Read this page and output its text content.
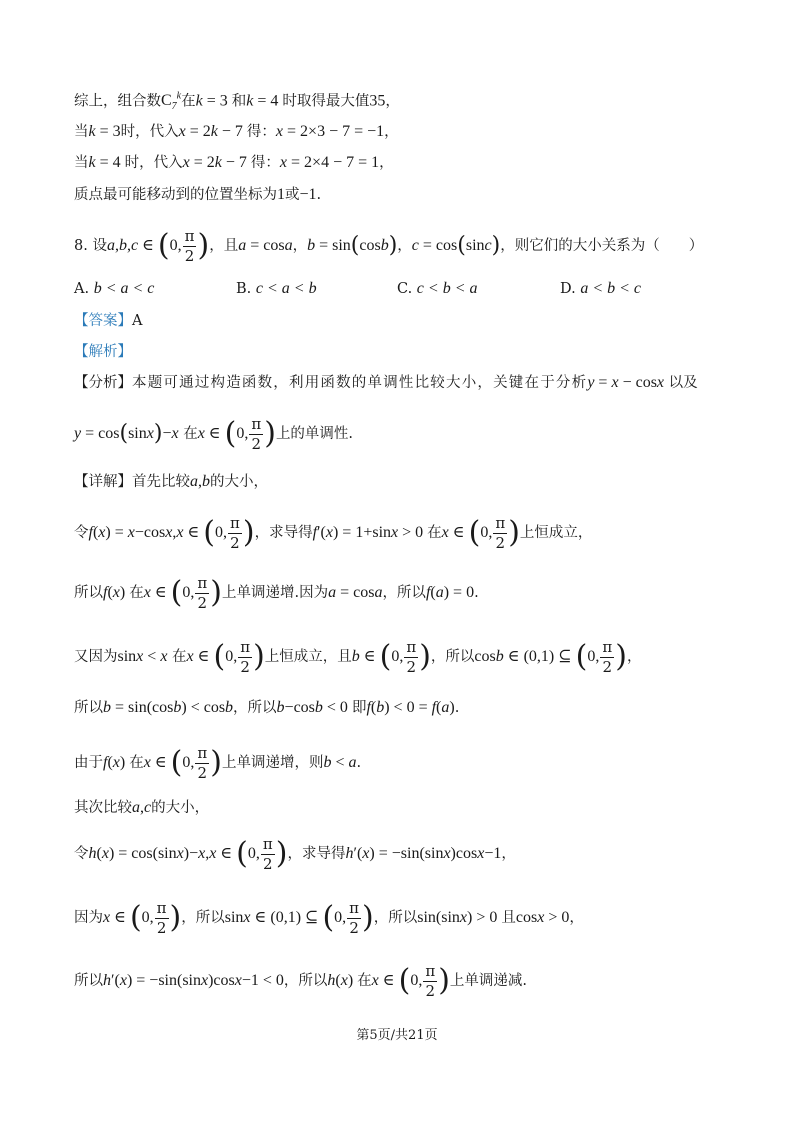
综上，组合数$C_7^k$在k = 3 和k = 4 时取得最大值35，
当k = 3时，代入x = 2k − 7 得：x = 2×3 − 7 = −1，
当k = 4 时，代入x = 2k − 7 得：x = 2×4 − 7 = 1，
质点最可能移动到的位置坐标为1或−1.
8. 设a,b,c ∈ (0, $\frac{\pi}{2}$ )，且a = cosa，b = sin(cosb)，c = cos(sinc)，则它们的大小关系为（　　）
A. b < a < c	B. c < a < b	C. c < b < a	D. a < b < c
【答案】A
【解析】
【分析】本题可通过构造函数，利用函数的单调性比较大小，关键在于分析y = x − cosx 以及
y = cos(sinx)−x 在x ∈ (0, $\frac{\pi}{2}$ )上的单调性.
【详解】首先比较a,b的大小，
令f(x) = x−cosx,x ∈ (0, $\frac{\pi}{2}$ )，求导得f′(x) = 1+sinx > 0 在x ∈ (0, $\frac{\pi}{2}$ )上恒成立，
所以f(x) 在x ∈ (0, $\frac{\pi}{2}$ )上单调递增.因为a = cosa，所以f(a) = 0.
又因为sinx < x 在x ∈ (0, $\frac{\pi}{2}$ )上恒成立，且b ∈ (0, $\frac{\pi}{2}$ )，所以cosb ∈ (0,1) ⊆ (0, $\frac{\pi}{2}$ )，
所以b = sin(cosb) < cosb，所以b−cosb < 0 即f(b) < 0 = f(a).
由于f(x) 在x ∈ (0, $\frac{\pi}{2}$ )上单调递增，则b < a.
其次比较a,c的大小，
令h(x) = cos(sinx)−x,x ∈ (0, $\frac{\pi}{2}$ )，求导得h′(x) = −sin(sinx)cosx−1，
因为x ∈ (0, $\frac{\pi}{2}$ )，所以sinx ∈ (0,1) ⊆ (0, $\frac{\pi}{2}$ )，所以sin(sinx) > 0 且cosx > 0，
所以h′(x) = −sin(sinx)cosx−1 < 0，所以h(x) 在x ∈ (0, $\frac{\pi}{2}$ )上单调递减.
第5页/共21页
